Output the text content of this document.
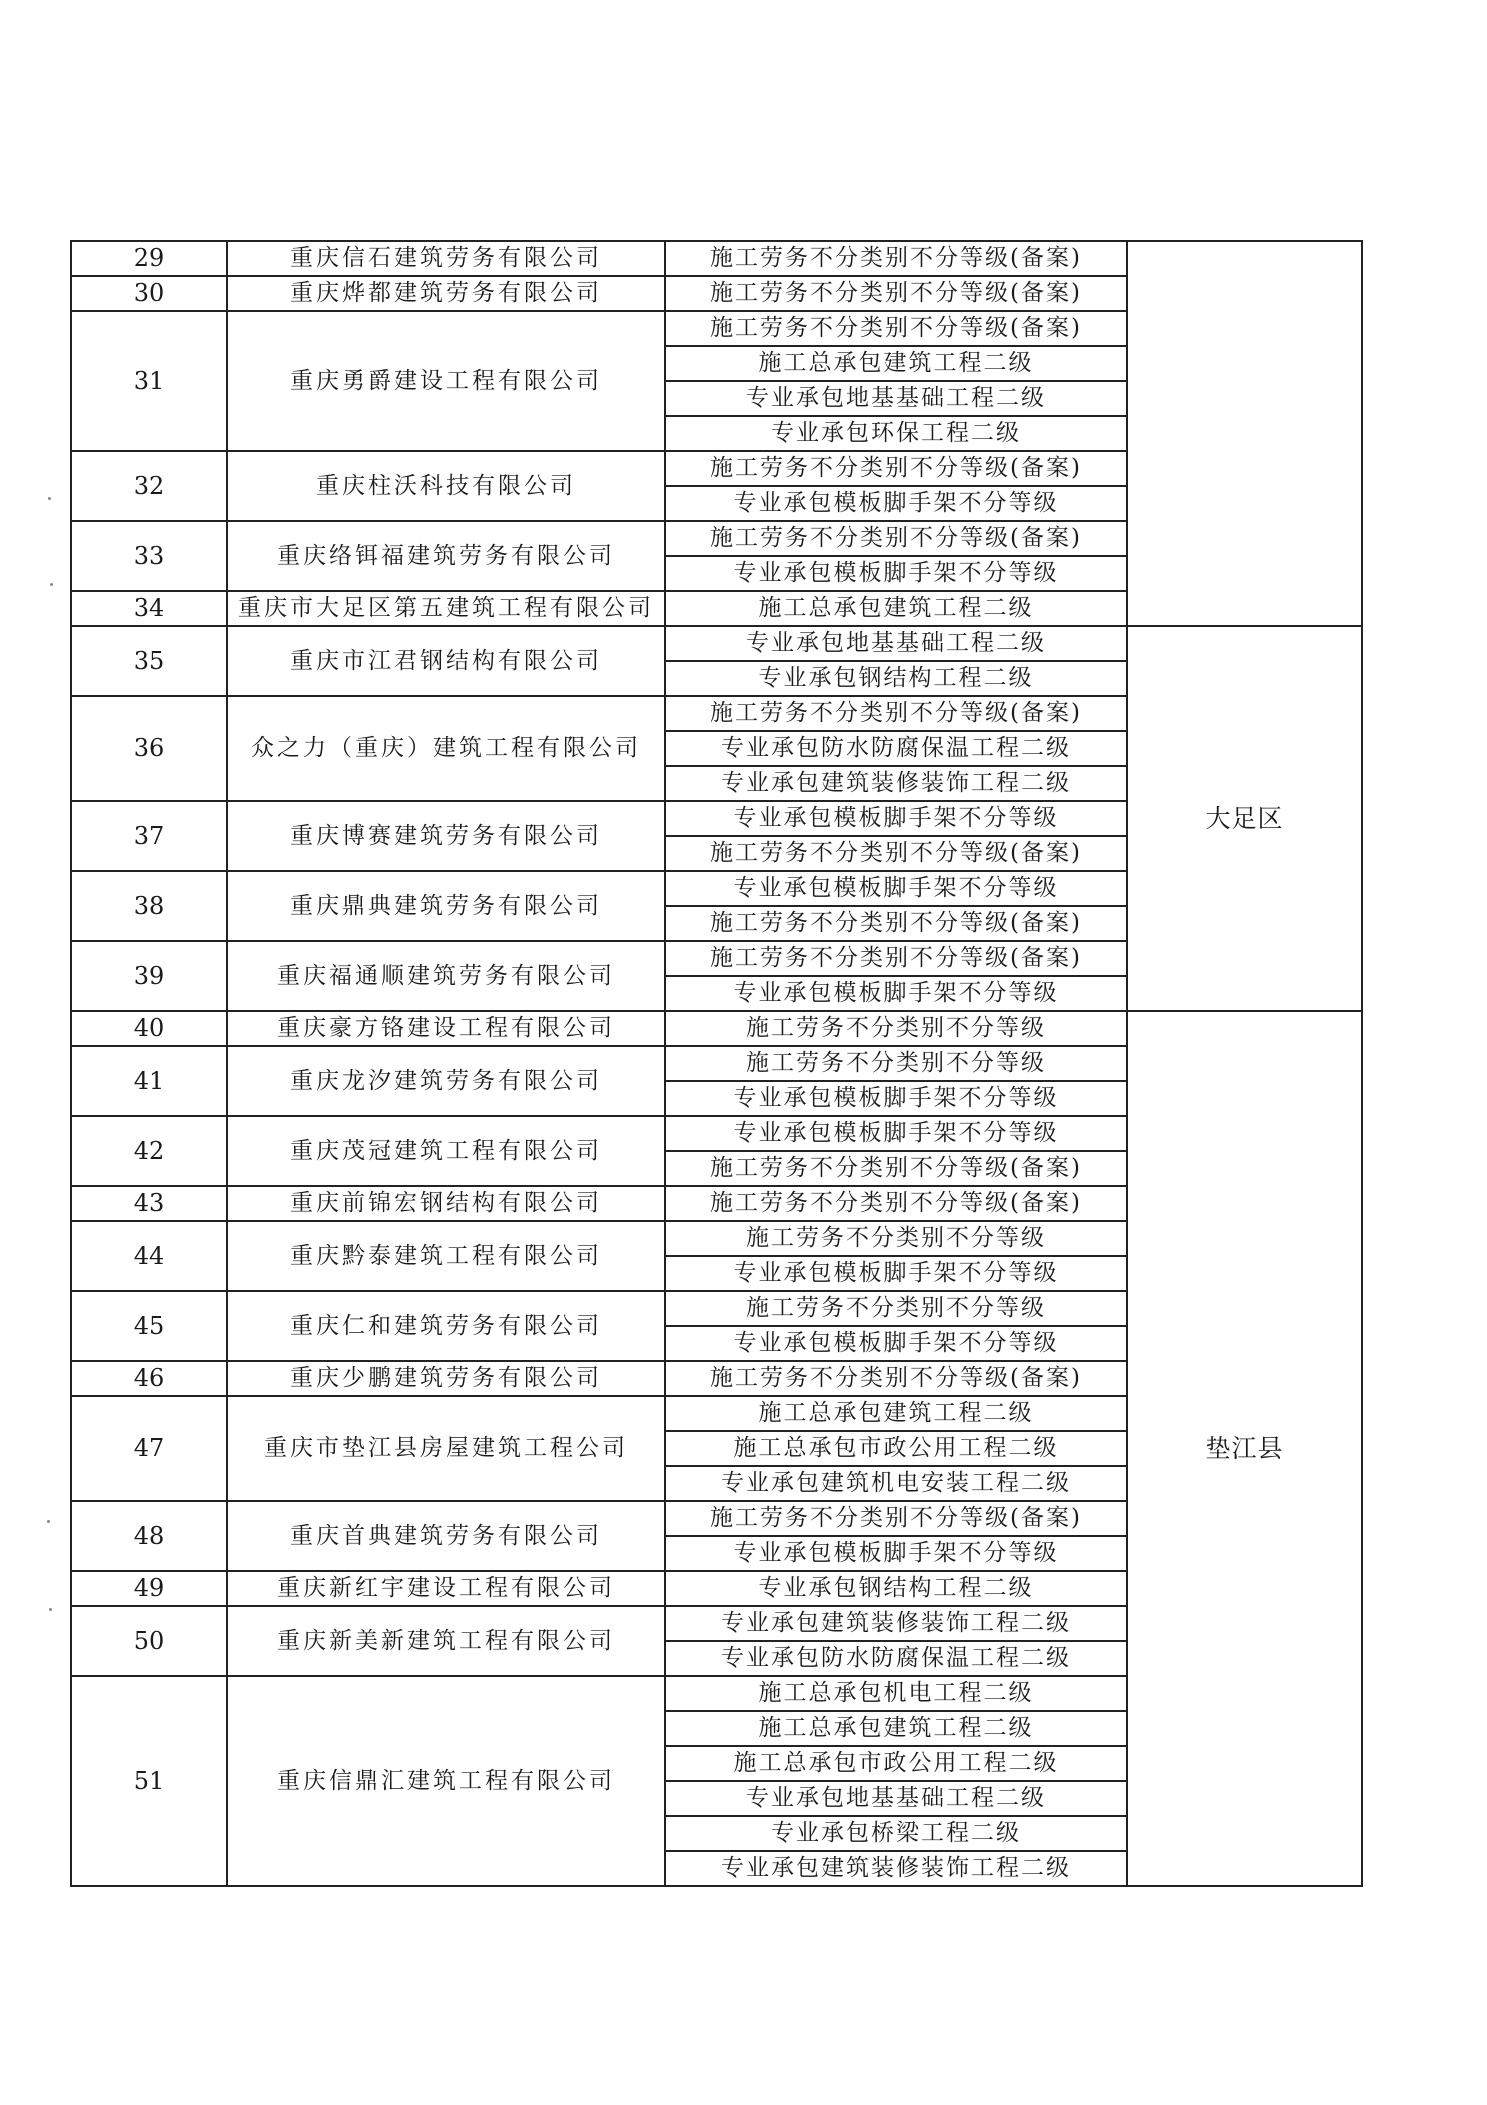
29	重庆信石建筑劳务有限公司	施工劳务不分类别不分等级(备案)	
30	重庆烨都建筑劳务有限公司	施工劳务不分类别不分等级(备案)	
31	重庆勇爵建设工程有限公司	施工劳务不分类别不分等级(备案)	
		施工总承包建筑工程二级	
		专业承包地基基础工程二级	
		专业承包环保工程二级	
32	重庆柱沃科技有限公司	施工劳务不分类别不分等级(备案)	
		专业承包模板脚手架不分等级	
33	重庆络铒福建筑劳务有限公司	施工劳务不分类别不分等级(备案)	
		专业承包模板脚手架不分等级	
34	重庆市大足区第五建筑工程有限公司	施工总承包建筑工程二级	
35	重庆市江君钢结构有限公司	专业承包地基基础工程二级	大足区
		专业承包钢结构工程二级	
36	众之力（重庆）建筑工程有限公司	施工劳务不分类别不分等级(备案)	
		专业承包防水防腐保温工程二级	
		专业承包建筑装修装饰工程二级	
37	重庆博赛建筑劳务有限公司	专业承包模板脚手架不分等级	
		施工劳务不分类别不分等级(备案)	
38	重庆鼎典建筑劳务有限公司	专业承包模板脚手架不分等级	
		施工劳务不分类别不分等级(备案)	
39	重庆福通顺建筑劳务有限公司	施工劳务不分类别不分等级(备案)	
		专业承包模板脚手架不分等级	
40	重庆豪方铬建设工程有限公司	施工劳务不分类别不分等级	垫江县
41	重庆龙汐建筑劳务有限公司	施工劳务不分类别不分等级	
		专业承包模板脚手架不分等级	
42	重庆茂冠建筑工程有限公司	专业承包模板脚手架不分等级	
		施工劳务不分类别不分等级(备案)	
43	重庆前锦宏钢结构有限公司	施工劳务不分类别不分等级(备案)	
44	重庆黔泰建筑工程有限公司	施工劳务不分类别不分等级	
		专业承包模板脚手架不分等级	
45	重庆仁和建筑劳务有限公司	施工劳务不分类别不分等级	
		专业承包模板脚手架不分等级	
46	重庆少鹏建筑劳务有限公司	施工劳务不分类别不分等级(备案)	
47	重庆市垫江县房屋建筑工程公司	施工总承包建筑工程二级	
		施工总承包市政公用工程二级	
		专业承包建筑机电安装工程二级	
48	重庆首典建筑劳务有限公司	施工劳务不分类别不分等级(备案)	
		专业承包模板脚手架不分等级	
49	重庆新红宇建设工程有限公司	专业承包钢结构工程二级	
50	重庆新美新建筑工程有限公司	专业承包建筑装修装饰工程二级	
		专业承包防水防腐保温工程二级	
51	重庆信鼎汇建筑工程有限公司	施工总承包机电工程二级	
		施工总承包建筑工程二级	
		施工总承包市政公用工程二级	
		专业承包地基基础工程二级	
		专业承包桥梁工程二级	
		专业承包建筑装修装饰工程二级	
